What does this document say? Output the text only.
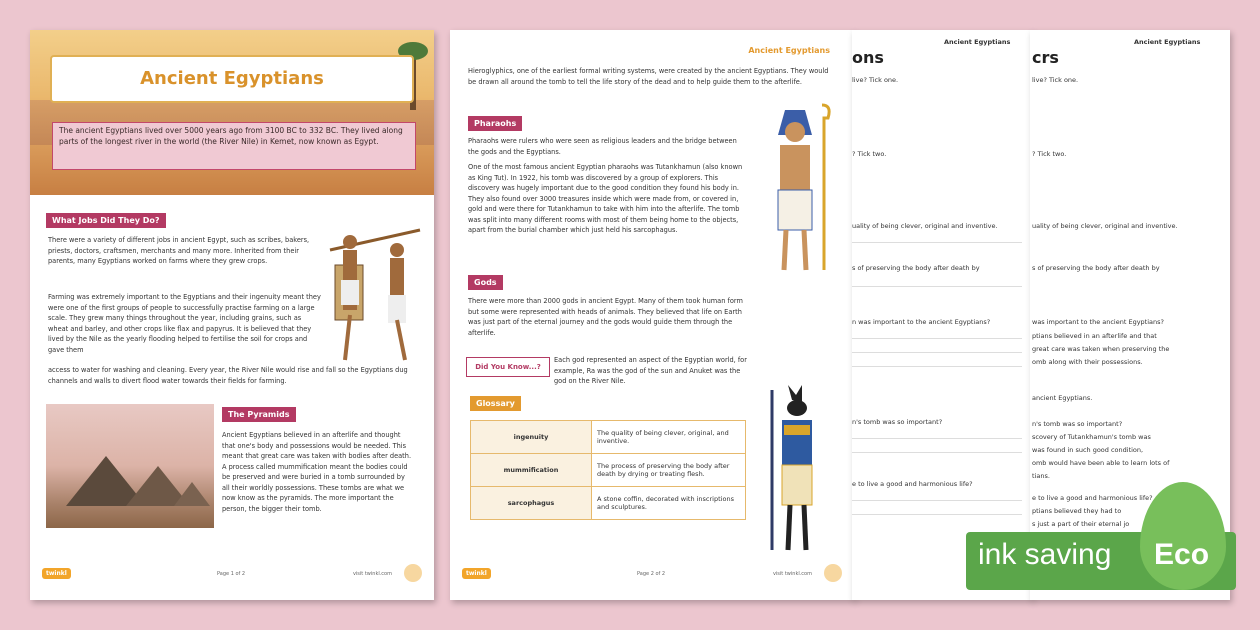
Ancient Egyptians
The ancient Egyptians lived over 5000 years ago from 3100 BC to 332 BC. They lived along parts of the longest river in the world (the River Nile) in Kemet, now known as Egypt.
What Jobs Did They Do?
There were a variety of different jobs in ancient Egypt, such as scribes, bakers, priests, doctors, craftsmen, merchants and many more. Inherited from their parents, many Egyptians worked on farms where they grew crops.
Farming was extremely important to the Egyptians and their ingenuity meant they were one of the first groups of people to successfully practise farming on a large scale. They grew many things throughout the year, including grains, such as wheat and barley, and other crops like flax and papyrus. It is believed that they lived by the Nile as the yearly flooding helped to fertilise the soil for crops and gave them
access to water for washing and cleaning. Every year, the River Nile would rise and fall so the Egyptians dug channels and walls to divert flood water towards their fields for farming.
The Pyramids
Ancient Egyptians believed in an afterlife and thought that one's body and possessions would be needed. This meant that great care was taken with bodies after death. A process called mummification meant the bodies could be preserved and were buried in a tomb surrounded by all their worldly possessions. These tombs are what we now know as the pyramids. The more important the person, the bigger their tomb.
twinkl	Page 1 of 2	visit twinkl.com
Ancient Egyptians
Hieroglyphics, one of the earliest formal writing systems, were created by the ancient Egyptians. They would be drawn all around the tomb to tell the life story of the dead and to help guide them to the afterlife.
Pharaohs
Pharaohs were rulers who were seen as religious leaders and the bridge between the gods and the Egyptians.
One of the most famous ancient Egyptian pharaohs was Tutankhamun (also known as King Tut). In 1922, his tomb was discovered by a group of explorers. This discovery was hugely important due to the good condition they found his body in. They also found over 3000 treasures inside which were made from, or covered in, gold and were there for Tutankhamun to take with him into the afterlife. The tomb was split into many different rooms with most of them being home to the objects, apart from the burial chamber which just held his sarcophagus.
Gods
There were more than 2000 gods in ancient Egypt. Many of them took human form but some were represented with heads of animals. They believed that life on Earth was just part of the eternal journey and the gods would guide them through the afterlife.
Did You Know...?
Each god represented an aspect of the Egyptian world, for example, Ra was the god of the sun and Anuket was the god on the River Nile.
Glossary
ingenuity	The quality of being clever, original, and inventive.
mummification	The process of preserving the body after death by drying or treating flesh.
sarcophagus	A stone coffin, decorated with inscriptions and sculptures.
twinkl	Page 2 of 2	visit twinkl.com
ons
Ancient Egyptians
live? Tick one.
? Tick two.
uality of being clever, original and inventive.
s of preserving the body after death by
n was important to the ancient Egyptians?
n's tomb was so important?
e to live a good and harmonious life?
crs
Ancient Egyptians
live? Tick one.
? Tick two.
uality of being clever, original and inventive.
s of preserving the body after death by
was important to the ancient Egyptians?
ptians believed in an afterlife and that
great care was taken when preserving the
omb along with their possessions.
ancient Egyptians.
n's tomb was so important?
scovery of Tutankhamun's tomb was
was found in such good condition,
omb would have been able to learn lots of
tians.
e to live a good and harmonious life?
ptians believed they had to
s just a part of their eternal jo
ink saving Eco
